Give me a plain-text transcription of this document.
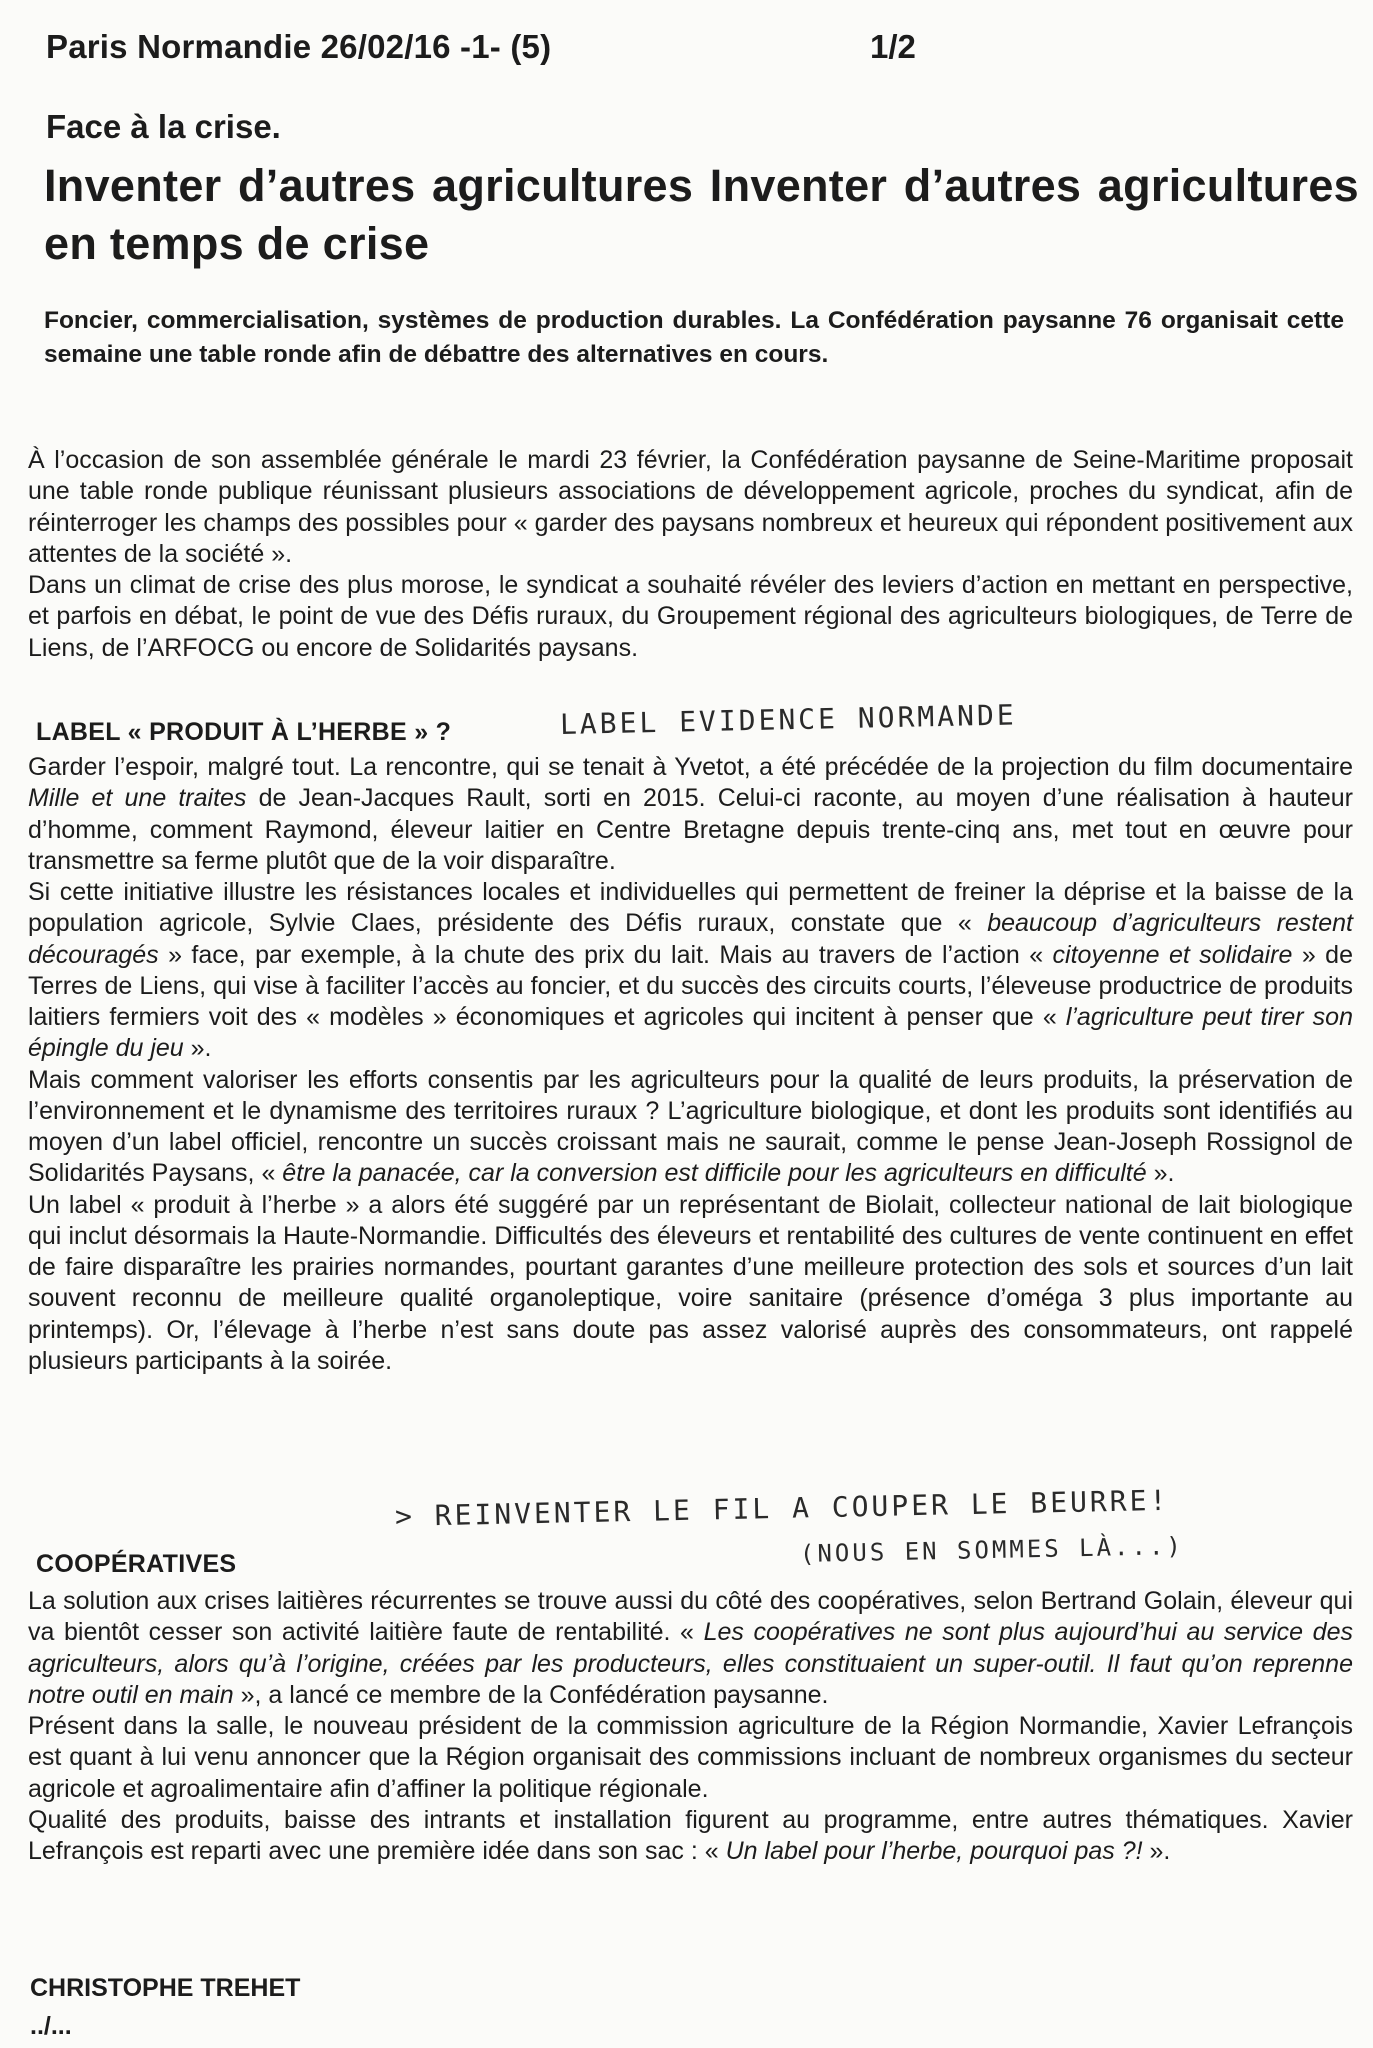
Paris Normandie 26/02/16 -1- (5)	1/2
Face à la crise.
Inventer d’autres agricultures Inventer d’autres agricultures en temps de crise
Foncier, commercialisation, systèmes de production durables. La Confédération paysanne 76 organisait cette semaine une table ronde afin de débattre des alternatives en cours.

À l’occasion de son assemblée générale le mardi 23 février, la Confédération paysanne de Seine-Maritime proposait une table ronde publique réunissant plusieurs associations de développement agricole, proches du syndicat, afin de réinterroger les champs des possibles pour « garder des paysans nombreux et heureux qui répondent positivement aux attentes de la société ».

Dans un climat de crise des plus morose, le syndicat a souhaité révéler des leviers d’action en mettant en perspective, et parfois en débat, le point de vue des Défis ruraux, du Groupement régional des agriculteurs biologiques, de Terre de Liens, de l’ARFOCG ou encore de Solidarités paysans.

LABEL « PRODUIT À L’HERBE » ?	LABEL EVIDENCE NORMANDE

Garder l’espoir, malgré tout. La rencontre, qui se tenait à Yvetot, a été précédée de la projection du film documentaire Mille et une traites de Jean-Jacques Rault, sorti en 2015. Celui-ci raconte, au moyen d’une réalisation à hauteur d’homme, comment Raymond, éleveur laitier en Centre Bretagne depuis trente-cinq ans, met tout en œuvre pour transmettre sa ferme plutôt que de la voir disparaître.

Si cette initiative illustre les résistances locales et individuelles qui permettent de freiner la déprise et la baisse de la population agricole, Sylvie Claes, présidente des Défis ruraux, constate que « beaucoup d’agriculteurs restent découragés » face, par exemple, à la chute des prix du lait. Mais au travers de l’action « citoyenne et solidaire » de Terres de Liens, qui vise à faciliter l’accès au foncier, et du succès des circuits courts, l’éleveuse productrice de produits laitiers fermiers voit des « modèles » économiques et agricoles qui incitent à penser que « l’agriculture peut tirer son épingle du jeu ».

Mais comment valoriser les efforts consentis par les agriculteurs pour la qualité de leurs produits, la préservation de l’environnement et le dynamisme des territoires ruraux ? L’agriculture biologique, et dont les produits sont identifiés au moyen d’un label officiel, rencontre un succès croissant mais ne saurait, comme le pense Jean-Joseph Rossignol de Solidarités Paysans, « être la panacée, car la conversion est difficile pour les agriculteurs en difficulté ».

Un label « produit à l’herbe » a alors été suggéré par un représentant de Biolait, collecteur national de lait biologique qui inclut désormais la Haute-Normandie. Difficultés des éleveurs et rentabilité des cultures de vente continuent en effet de faire disparaître les prairies normandes, pourtant garantes d’une meilleure protection des sols et sources d’un lait souvent reconnu de meilleure qualité organoleptique, voire sanitaire (présence d’oméga 3 plus importante au printemps). Or, l’élevage à l’herbe n’est sans doute pas assez valorisé auprès des consommateurs, ont rappelé plusieurs participants à la soirée.

> REINVENTER LE FIL A COUPER LE BEURRE!
(NOUS EN SOMMES LÀ...)
COOPÉRATIVES

La solution aux crises laitières récurrentes se trouve aussi du côté des coopératives, selon Bertrand Golain, éleveur qui va bientôt cesser son activité laitière faute de rentabilité. « Les coopératives ne sont plus aujourd’hui au service des agriculteurs, alors qu’à l’origine, créées par les producteurs, elles constituaient un super-outil. Il faut qu’on reprenne notre outil en main », a lancé ce membre de la Confédération paysanne.

Présent dans la salle, le nouveau président de la commission agriculture de la Région Normandie, Xavier Lefrançois est quant à lui venu annoncer que la Région organisait des commissions incluant de nombreux organismes du secteur agricole et agroalimentaire afin d’affiner la politique régionale.

Qualité des produits, baisse des intrants et installation figurent au programme, entre autres thématiques. Xavier Lefrançois est reparti avec une première idée dans son sac : « Un label pour l’herbe, pourquoi pas ?! ».

CHRISTOPHE TREHET
../...
